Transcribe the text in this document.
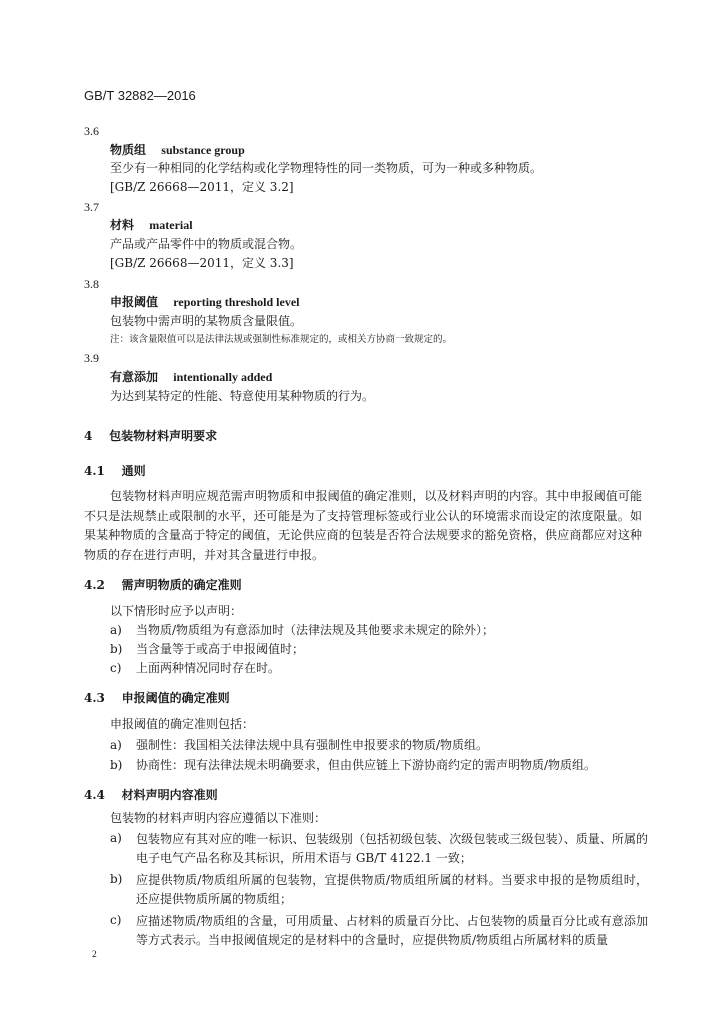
GB/T 32882—2016
3.6
物质组 substance group
至少有一种相同的化学结构或化学物理特性的同一类物质，可为一种或多种物质。
[GB/Z 26668—2011，定义 3.2]
3.7
材料 material
产品或产品零件中的物质或混合物。
[GB/Z 26668—2011，定义 3.3]
3.8
申报阈值 reporting threshold level
包装物中需声明的某物质含量限值。
注：该含量限值可以是法律法规或强制性标准规定的，或相关方协商一致规定的。
3.9
有意添加 intentionally added
为达到某特定的性能、特意使用某种物质的行为。
4 包装物材料声明要求
4.1 通则
包装物材料声明应规范需声明物质和申报阈值的确定准则，以及材料声明的内容。其中申报阈值可能不只是法规禁止或限制的水平，还可能是为了支持管理标签或行业公认的环境需求而设定的浓度限量。如果某种物质的含量高于特定的阈值，无论供应商的包装是否符合法规要求的豁免资格，供应商都应对这种物质的存在进行声明，并对其含量进行申报。
4.2 需声明物质的确定准则
以下情形时应予以声明：
a) 当物质/物质组为有意添加时（法律法规及其他要求未规定的除外）；
b) 当含量等于或高于申报阈值时；
c) 上面两种情况同时存在时。
4.3 申报阈值的确定准则
申报阈值的确定准则包括：
a) 强制性：我国相关法律法规中具有强制性申报要求的物质/物质组。
b) 协商性：现有法律法规未明确要求，但由供应链上下游协商约定的需声明物质/物质组。
4.4 材料声明内容准则
包装物的材料声明内容应遵循以下准则：
a) 包装物应有其对应的唯一标识、包装级别（包括初级包装、次级包装或三级包装）、质量、所属的电子电气产品名称及其标识，所用术语与 GB/T 4122.1 一致；
b) 应提供物质/物质组所属的包装物，宜提供物质/物质组所属的材料。当要求申报的是物质组时，还应提供物质所属的物质组；
c) 应描述物质/物质组的含量，可用质量、占材料的质量百分比、占包装物的质量百分比或有意添加等方式表示。当申报阈值规定的是材料中的含量时，应提供物质/物质组占所属材料的质量
2
